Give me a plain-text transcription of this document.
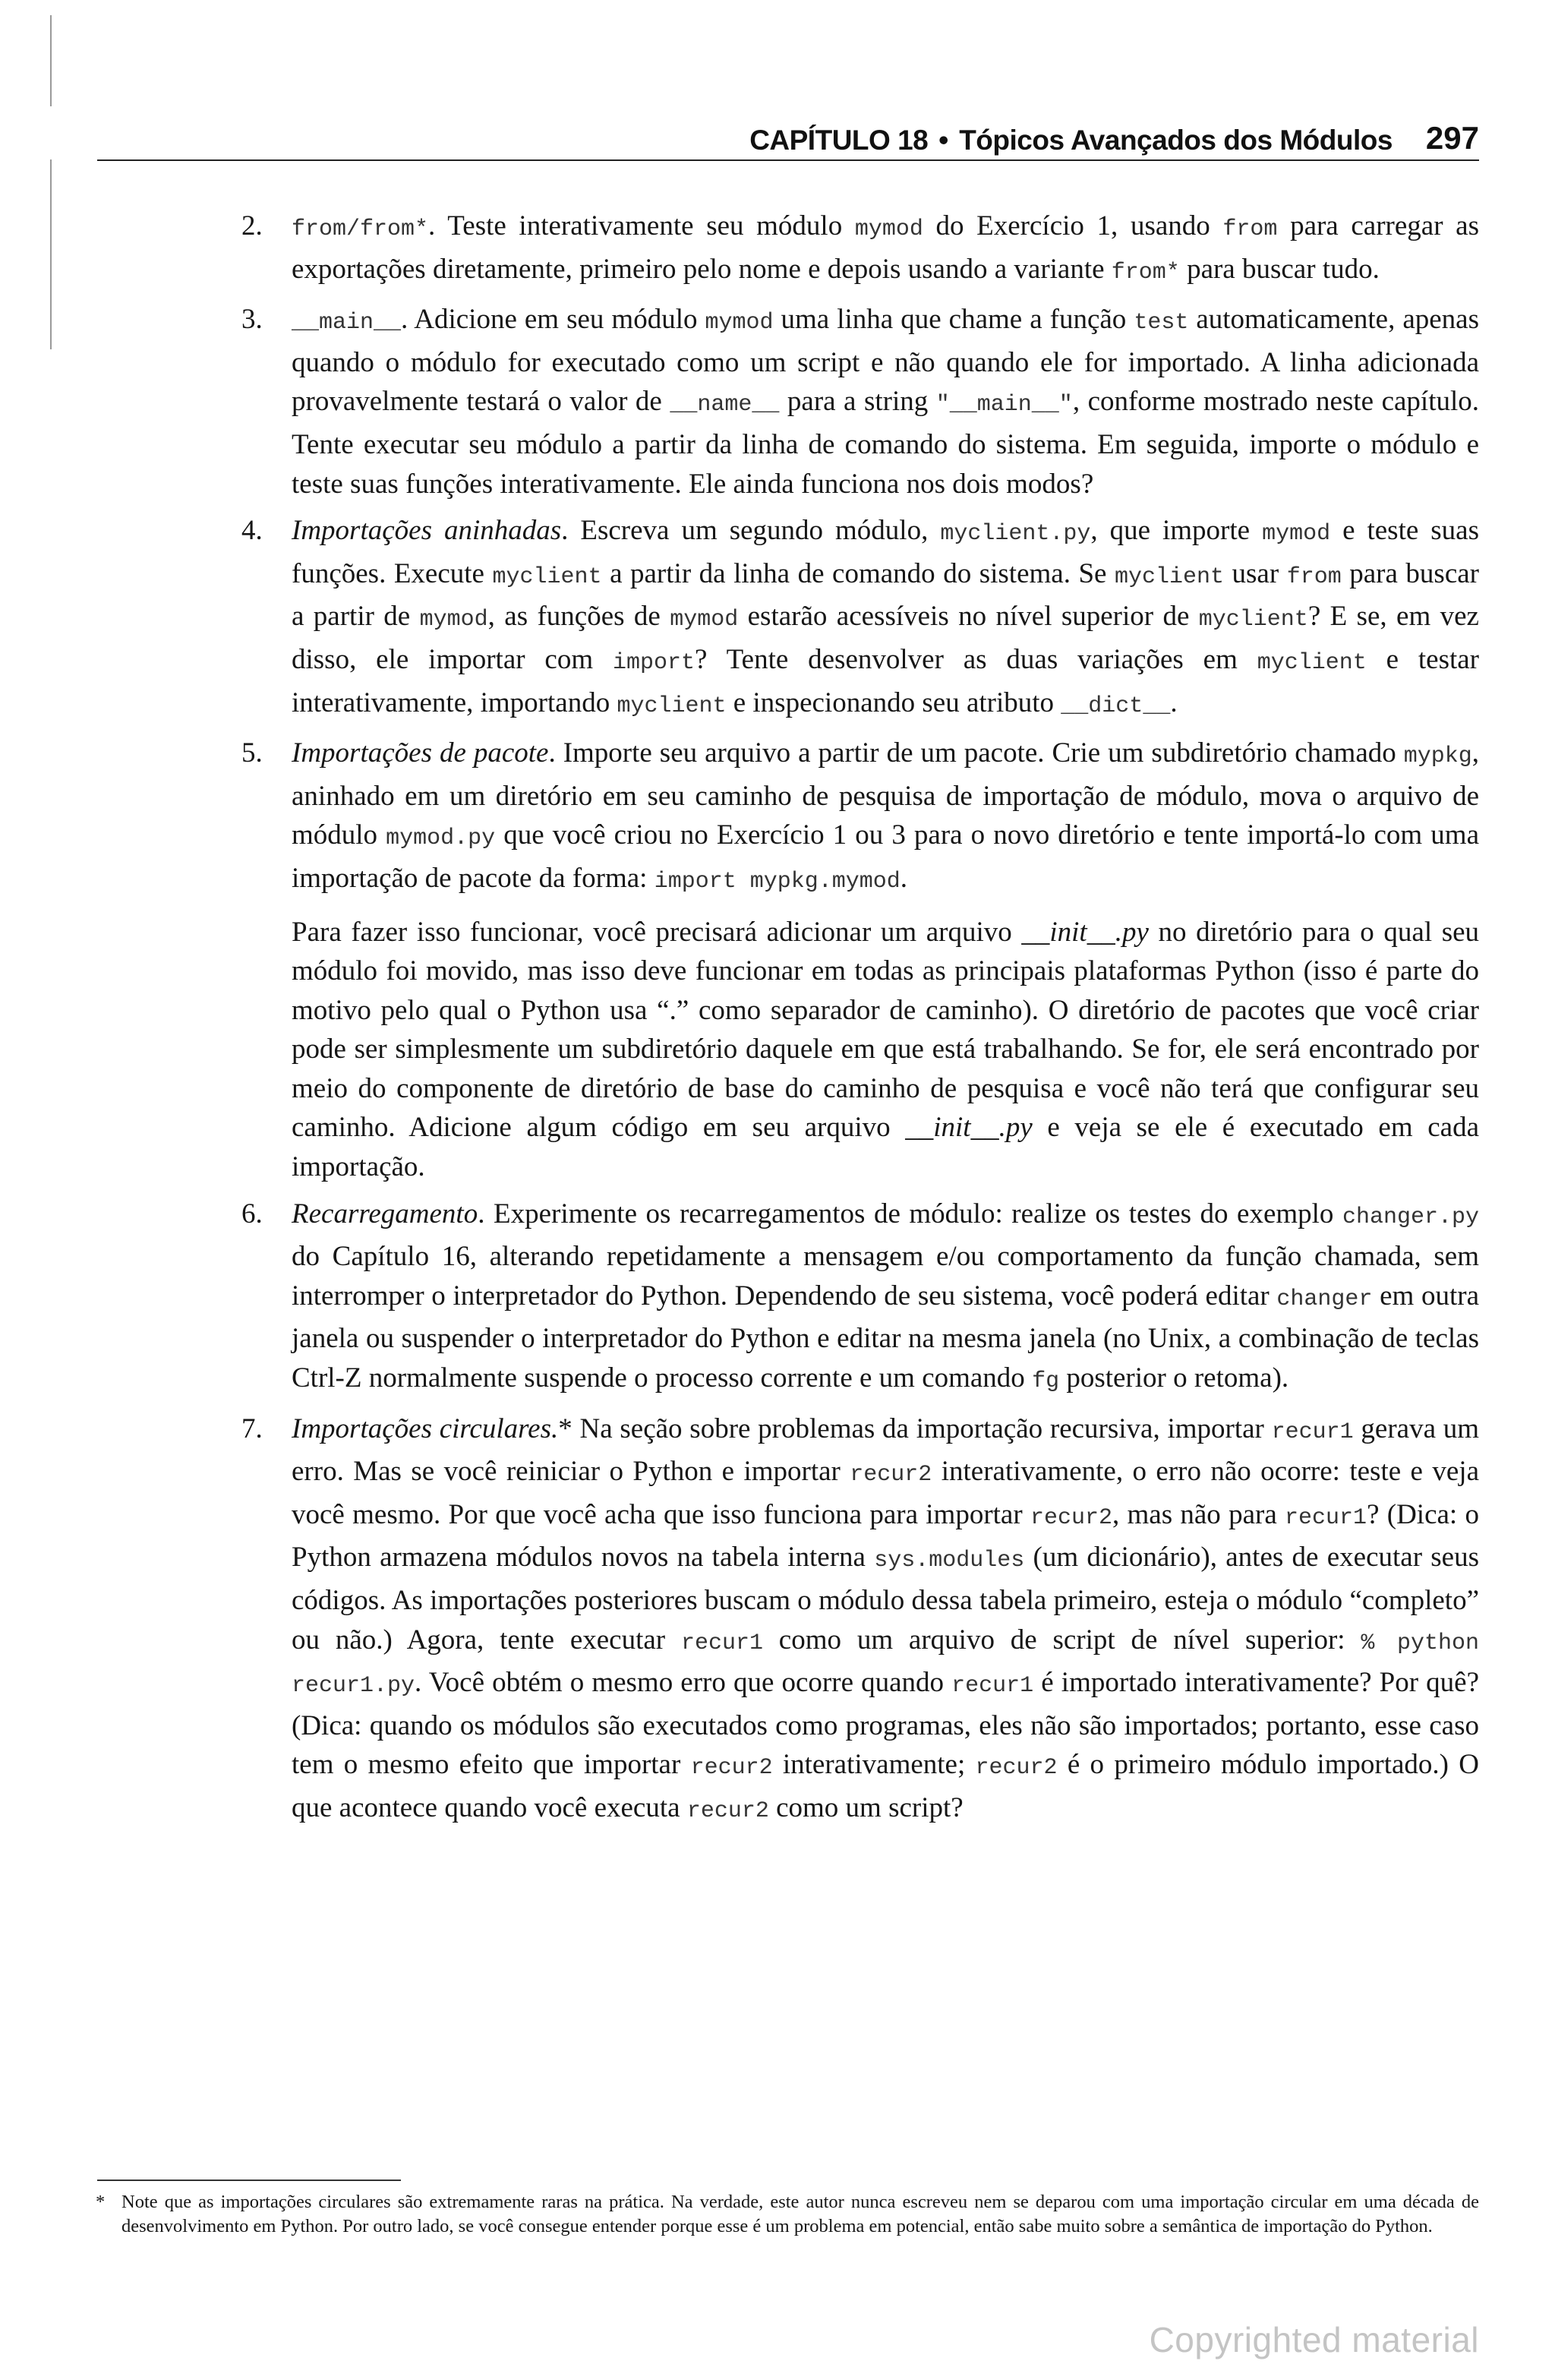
CAPÍTULO 18 • Tópicos Avançados dos Módulos 297
2. from/from*. Teste interativamente seu módulo mymod do Exercício 1, usando from para carregar as exportações diretamente, primeiro pelo nome e depois usando a variante from* para buscar tudo.

3. __main__. Adicione em seu módulo mymod uma linha que chame a função test automaticamente, apenas quando o módulo for executado como um script e não quando ele for importado. A linha adicionada provavelmente testará o valor de __name__ para a string "__main__", conforme mostrado neste capítulo. Tente executar seu módulo a partir da linha de comando do sistema. Em seguida, importe o módulo e teste suas funções interativamente. Ele ainda funciona nos dois modos?

4. Importações aninhadas. Escreva um segundo módulo, myclient.py, que importe mymod e teste suas funções. Execute myclient a partir da linha de comando do sistema. Se myclient usar from para buscar a partir de mymod, as funções de mymod estarão acessíveis no nível superior de myclient? E se, em vez disso, ele importar com import? Tente desenvolver as duas variações em myclient e testar interativamente, importando myclient e inspecionando seu atributo __dict__.

5. Importações de pacote. Importe seu arquivo a partir de um pacote. Crie um subdiretório chamado mypkg, aninhado em um diretório em seu caminho de pesquisa de importação de módulo, mova o arquivo de módulo mymod.py que você criou no Exercício 1 ou 3 para o novo diretório e tente importá-lo com uma importação de pacote da forma: import mypkg.mymod.

Para fazer isso funcionar, você precisará adicionar um arquivo __init__.py no diretório para o qual seu módulo foi movido, mas isso deve funcionar em todas as principais plataformas Python (isso é parte do motivo pelo qual o Python usa “.” como separador de caminho). O diretório de pacotes que você criar pode ser simplesmente um subdiretório daquele em que está trabalhando. Se for, ele será encontrado por meio do componente de diretório de base do caminho de pesquisa e você não terá que configurar seu caminho. Adicione algum código em seu arquivo __init__.py e veja se ele é executado em cada importação.

6. Recarregamento. Experimente os recarregamentos de módulo: realize os testes do exemplo changer.py do Capítulo 16, alterando repetidamente a mensagem e/ou comportamento da função chamada, sem interromper o interpretador do Python. Dependendo de seu sistema, você poderá editar changer em outra janela ou suspender o interpretador do Python e editar na mesma janela (no Unix, a combinação de teclas Ctrl-Z normalmente suspende o processo corrente e um comando fg posterior o retoma).

7. Importações circulares.* Na seção sobre problemas da importação recursiva, importar recur1 gerava um erro. Mas se você reiniciar o Python e importar recur2 interativamente, o erro não ocorre: teste e veja você mesmo. Por que você acha que isso funciona para importar recur2, mas não para recur1? (Dica: o Python armazena módulos novos na tabela interna sys.modules (um dicionário), antes de executar seus códigos. As importações posteriores buscam o módulo dessa tabela primeiro, esteja o módulo “completo” ou não.) Agora, tente executar recur1 como um arquivo de script de nível superior: % python recur1.py. Você obtém o mesmo erro que ocorre quando recur1 é importado interativamente? Por quê? (Dica: quando os módulos são executados como programas, eles não são importados; portanto, esse caso tem o mesmo efeito que importar recur2 interativamente; recur2 é o primeiro módulo importado.) O que acontece quando você executa recur2 como um script?

* Note que as importações circulares são extremamente raras na prática. Na verdade, este autor nunca escreveu nem se deparou com uma importação circular em uma década de desenvolvimento em Python. Por outro lado, se você consegue entender porque esse é um problema em potencial, então sabe muito sobre a semântica de importação do Python.
Copyrighted material
